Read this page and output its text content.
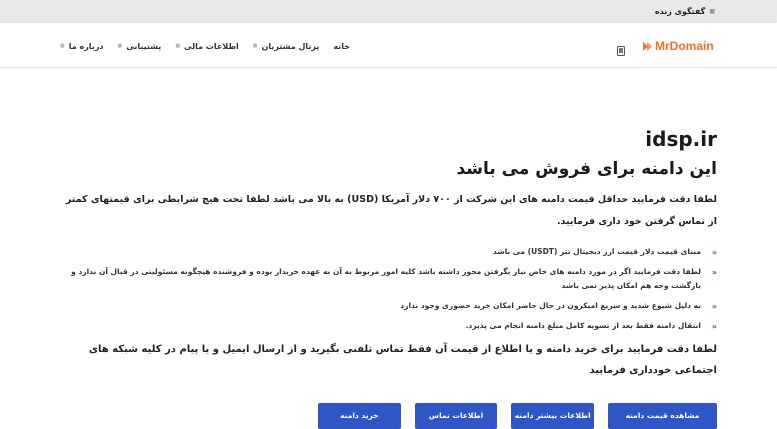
■
گفتگوی زنده
MrDomain
خانه
پرتال مشتریان
■
اطلاعات مالی
■
پشتیبانی
■
درباره ما
■
idsp.ir
این دامنه برای فروش می باشد
لطفا دقت فرمایید حداقل قیمت دامنه های این شرکت از ۷۰۰ دلار آمریکا (USD) به بالا می باشد لطفا تحت هیچ شرایطی برای قیمتهای کمتر از تماس گرفتن خود داری فرمایید.
«
مبنای قیمت دلار قیمت ارز دیجیتال تتر (USDT) می باشد
«
لطفا دقت فرمایید اگر در مورد دامنه های خاص نیاز بگرفتن مجوز داشته باشد کلیه امور مربوط به آن به عهده خریدار بوده و فروشنده هیچگونه مسئولیتی در قبال آن ندارد و بازگشت وجه هم امکان پذیر نمی باشد
«
به دلیل شیوع شدید و سریع امیکرون در حال حاضر امکان خرید حضوری وجود ندارد
«
انتقال دامنه فقط بعد از تسویه کامل مبلغ دامنه انجام می پذیرد.
لطفا دقت فرمایید برای خرید دامنه و یا اطلاع از قیمت آن فقط تماس تلفنی بگیرید و از ارسال ایمیل و یا پیام در کلیه شبکه های اجتماعی خودداری فرمایید
مشاهده قیمت دامنه
اطلاعات بیشتر دامنه
اطلاعات تماس
خرید دامنه
